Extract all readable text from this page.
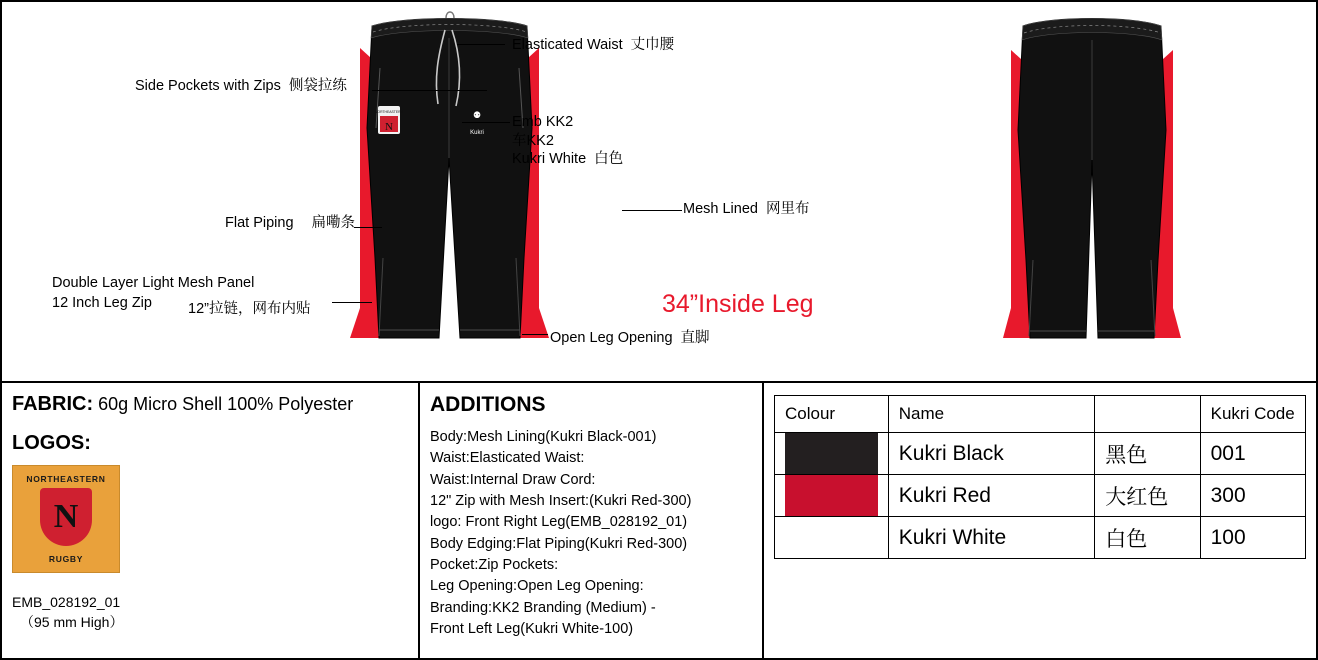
N
NORTHEASTERN	⚉
Kukri
Elasticated Waist 丈巾腰
Side Pockets with Zips 侧袋拉练
Emb KK2
车KK2
Kukri White 白色
Mesh Lined 网里布
Flat Piping 扁嘞条
Double Layer Light Mesh Panel
12 Inch Leg Zip 12”拉链，网布内贴
Open Leg Opening 直脚
34”Inside Leg
FABRIC: 60g Micro Shell 100% Polyester
LOGOS:
NORTHEASTERN
N
RUGBY
EMB_028192_01
（95 mm High）
ADDITIONS
Body:Mesh Lining(Kukri Black-001)
Waist:Elasticated Waist:
Waist:Internal Draw Cord:
12" Zip with Mesh Insert:(Kukri Red-300)
logo: Front Right Leg(EMB_028192_01)
Body Edging:Flat Piping(Kukri Red-300)
Pocket:Zip Pockets:
Leg Opening:Open Leg Opening:
Branding:KK2 Branding (Medium) -
Front Left Leg(Kukri White-100)
Colour	Name		Kukri Code

	Kukri Black	黑色	001

	Kukri Red	大红色	300

	Kukri White	白色	100
